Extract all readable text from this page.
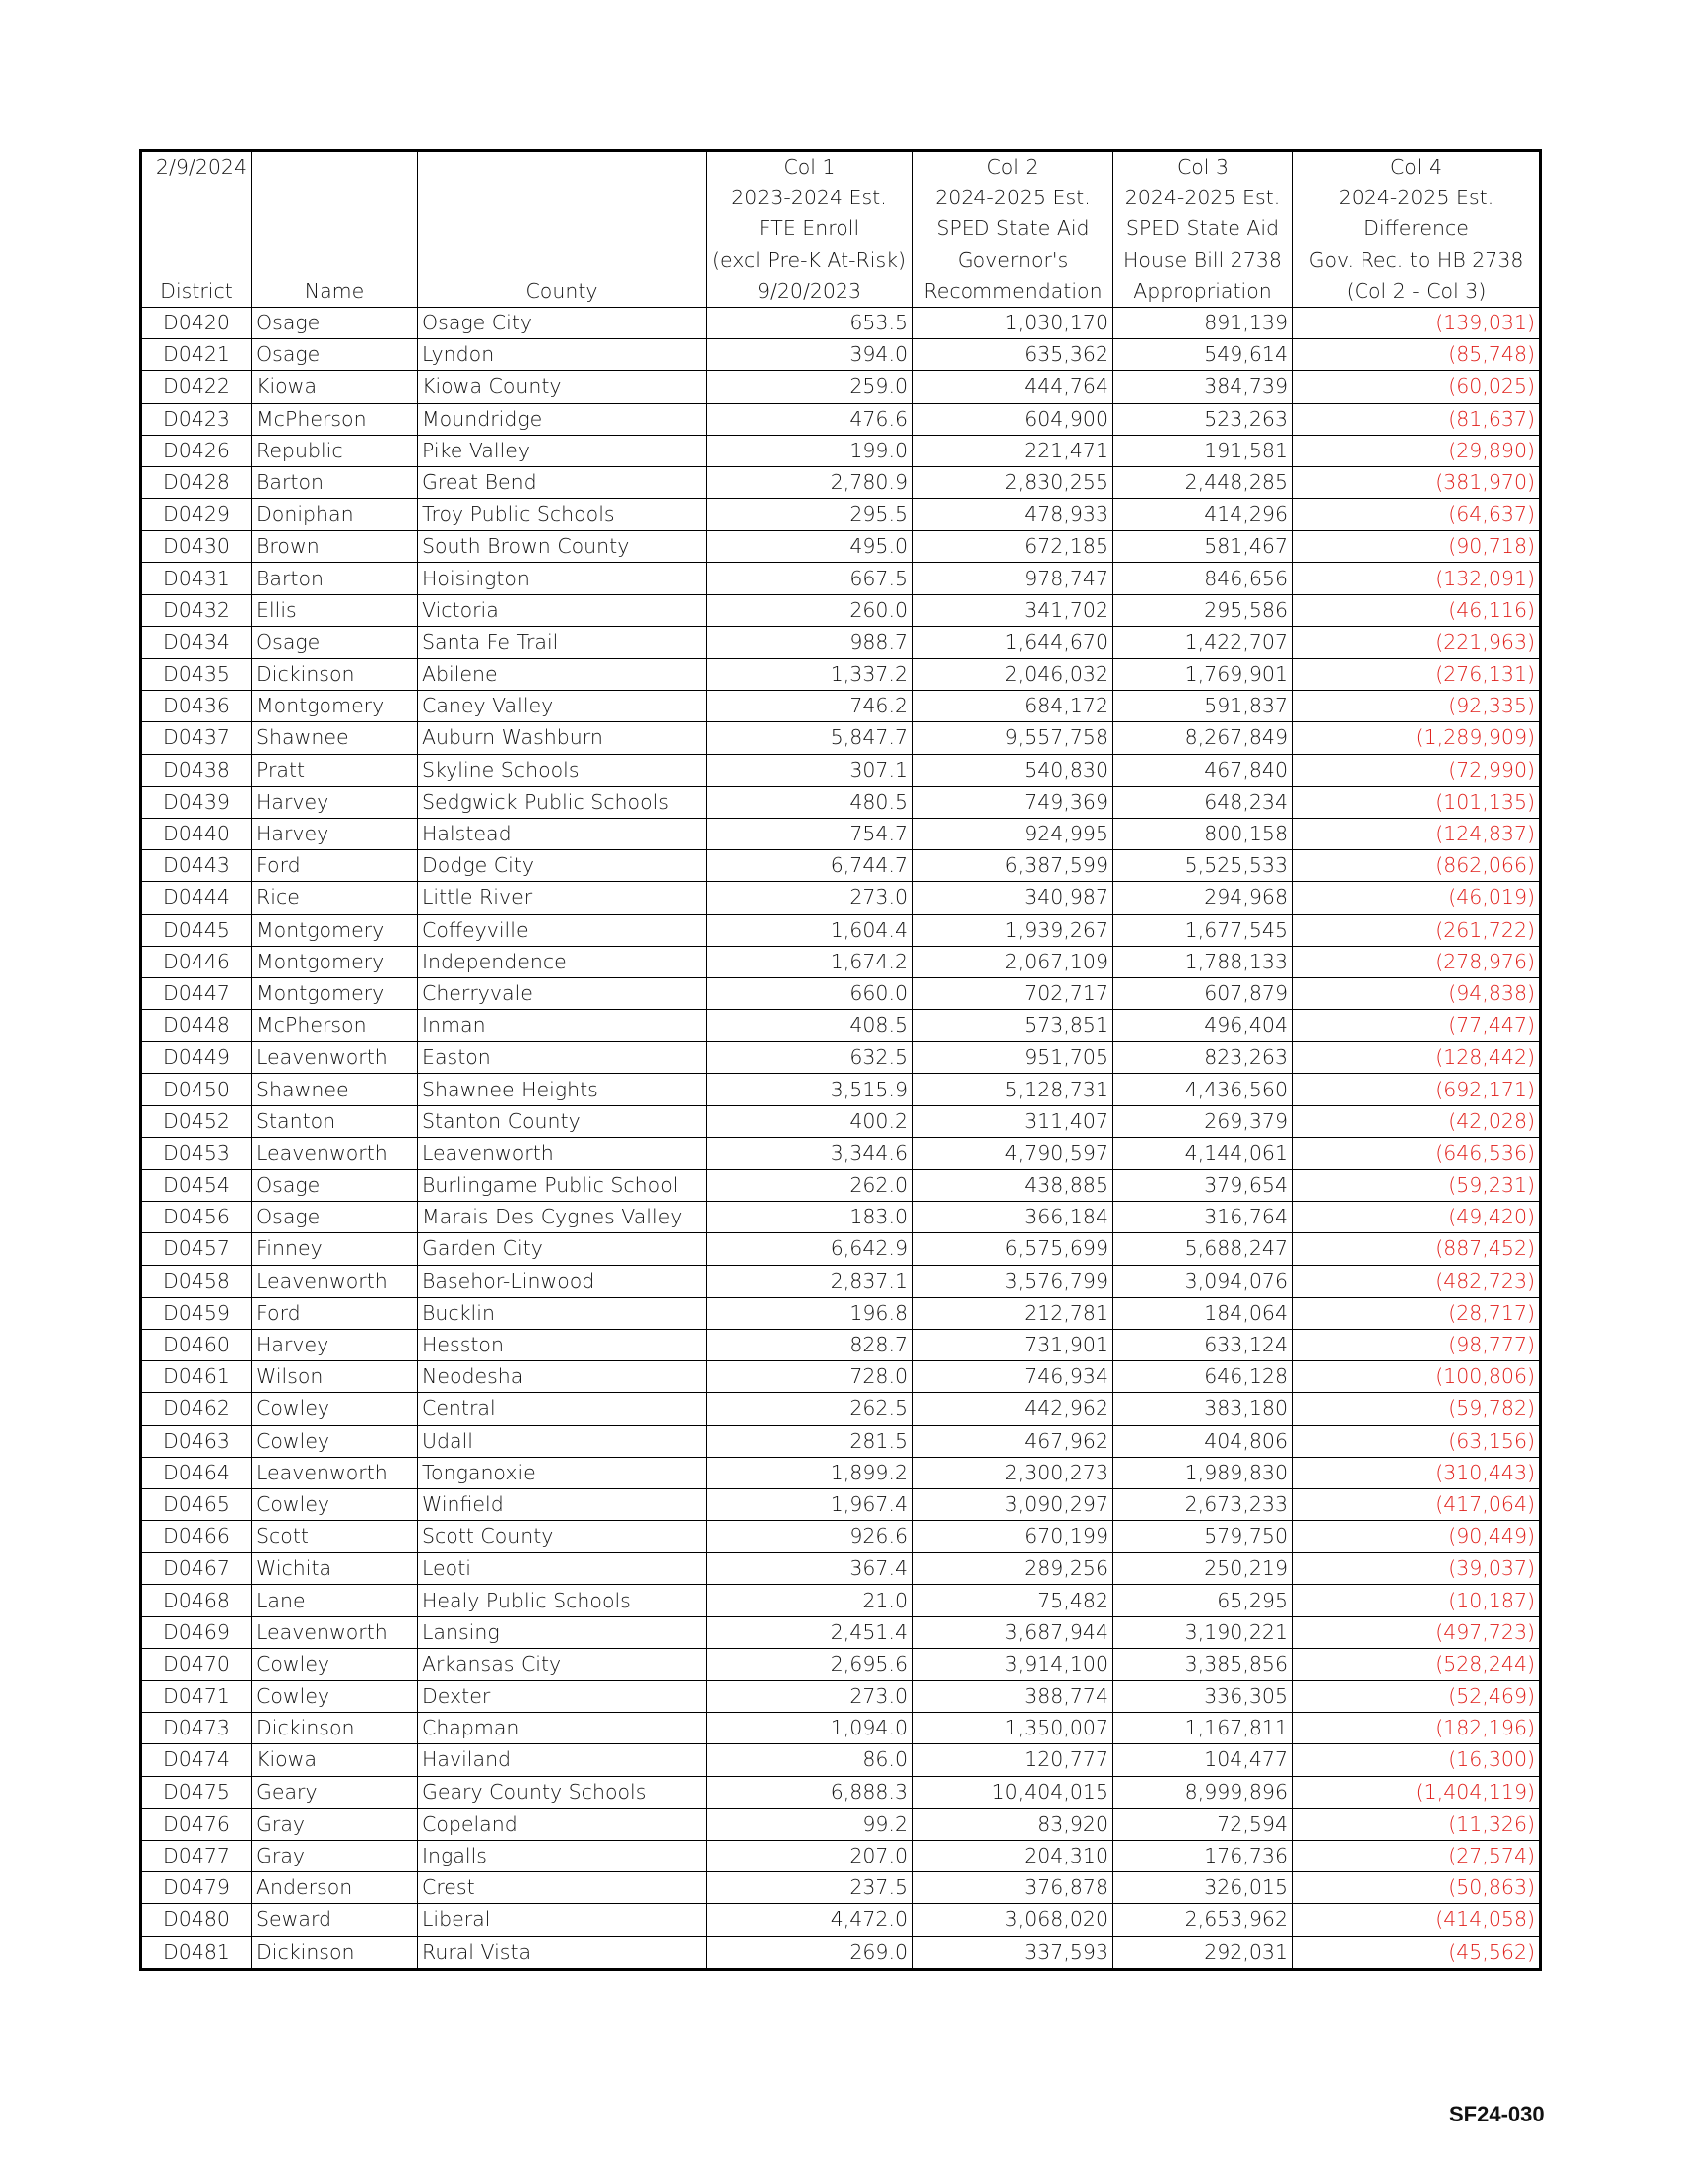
2/9/2024			Col 1	Col 2	Col 3	Col 4
			2023-2024 Est.	2024-2025 Est.	2024-2025 Est.	2024-2025 Est.
			FTE Enroll	SPED State Aid	SPED State Aid	Difference
			(excl Pre-K At-Risk)	Governor's	House Bill 2738	Gov. Rec. to HB 2738
District	Name	County	9/20/2023	Recommendation	Appropriation	(Col 2 - Col 3)
D0420	Osage	Osage City	653.5	1,030,170	891,139	(139,031)
D0421	Osage	Lyndon	394.0	635,362	549,614	(85,748)
D0422	Kiowa	Kiowa County	259.0	444,764	384,739	(60,025)
D0423	McPherson	Moundridge	476.6	604,900	523,263	(81,637)
D0426	Republic	Pike Valley	199.0	221,471	191,581	(29,890)
D0428	Barton	Great Bend	2,780.9	2,830,255	2,448,285	(381,970)
D0429	Doniphan	Troy Public Schools	295.5	478,933	414,296	(64,637)
D0430	Brown	South Brown County	495.0	672,185	581,467	(90,718)
D0431	Barton	Hoisington	667.5	978,747	846,656	(132,091)
D0432	Ellis	Victoria	260.0	341,702	295,586	(46,116)
D0434	Osage	Santa Fe Trail	988.7	1,644,670	1,422,707	(221,963)
D0435	Dickinson	Abilene	1,337.2	2,046,032	1,769,901	(276,131)
D0436	Montgomery	Caney Valley	746.2	684,172	591,837	(92,335)
D0437	Shawnee	Auburn Washburn	5,847.7	9,557,758	8,267,849	(1,289,909)
D0438	Pratt	Skyline Schools	307.1	540,830	467,840	(72,990)
D0439	Harvey	Sedgwick Public Schools	480.5	749,369	648,234	(101,135)
D0440	Harvey	Halstead	754.7	924,995	800,158	(124,837)
D0443	Ford	Dodge City	6,744.7	6,387,599	5,525,533	(862,066)
D0444	Rice	Little River	273.0	340,987	294,968	(46,019)
D0445	Montgomery	Coffeyville	1,604.4	1,939,267	1,677,545	(261,722)
D0446	Montgomery	Independence	1,674.2	2,067,109	1,788,133	(278,976)
D0447	Montgomery	Cherryvale	660.0	702,717	607,879	(94,838)
D0448	McPherson	Inman	408.5	573,851	496,404	(77,447)
D0449	Leavenworth	Easton	632.5	951,705	823,263	(128,442)
D0450	Shawnee	Shawnee Heights	3,515.9	5,128,731	4,436,560	(692,171)
D0452	Stanton	Stanton County	400.2	311,407	269,379	(42,028)
D0453	Leavenworth	Leavenworth	3,344.6	4,790,597	4,144,061	(646,536)
D0454	Osage	Burlingame Public School	262.0	438,885	379,654	(59,231)
D0456	Osage	Marais Des Cygnes Valley	183.0	366,184	316,764	(49,420)
D0457	Finney	Garden City	6,642.9	6,575,699	5,688,247	(887,452)
D0458	Leavenworth	Basehor-Linwood	2,837.1	3,576,799	3,094,076	(482,723)
D0459	Ford	Bucklin	196.8	212,781	184,064	(28,717)
D0460	Harvey	Hesston	828.7	731,901	633,124	(98,777)
D0461	Wilson	Neodesha	728.0	746,934	646,128	(100,806)
D0462	Cowley	Central	262.5	442,962	383,180	(59,782)
D0463	Cowley	Udall	281.5	467,962	404,806	(63,156)
D0464	Leavenworth	Tonganoxie	1,899.2	2,300,273	1,989,830	(310,443)
D0465	Cowley	Winfield	1,967.4	3,090,297	2,673,233	(417,064)
D0466	Scott	Scott County	926.6	670,199	579,750	(90,449)
D0467	Wichita	Leoti	367.4	289,256	250,219	(39,037)
D0468	Lane	Healy Public Schools	21.0	75,482	65,295	(10,187)
D0469	Leavenworth	Lansing	2,451.4	3,687,944	3,190,221	(497,723)
D0470	Cowley	Arkansas City	2,695.6	3,914,100	3,385,856	(528,244)
D0471	Cowley	Dexter	273.0	388,774	336,305	(52,469)
D0473	Dickinson	Chapman	1,094.0	1,350,007	1,167,811	(182,196)
D0474	Kiowa	Haviland	86.0	120,777	104,477	(16,300)
D0475	Geary	Geary County Schools	6,888.3	10,404,015	8,999,896	(1,404,119)
D0476	Gray	Copeland	99.2	83,920	72,594	(11,326)
D0477	Gray	Ingalls	207.0	204,310	176,736	(27,574)
D0479	Anderson	Crest	237.5	376,878	326,015	(50,863)
D0480	Seward	Liberal	4,472.0	3,068,020	2,653,962	(414,058)
D0481	Dickinson	Rural Vista	269.0	337,593	292,031	(45,562)
SF24-030
